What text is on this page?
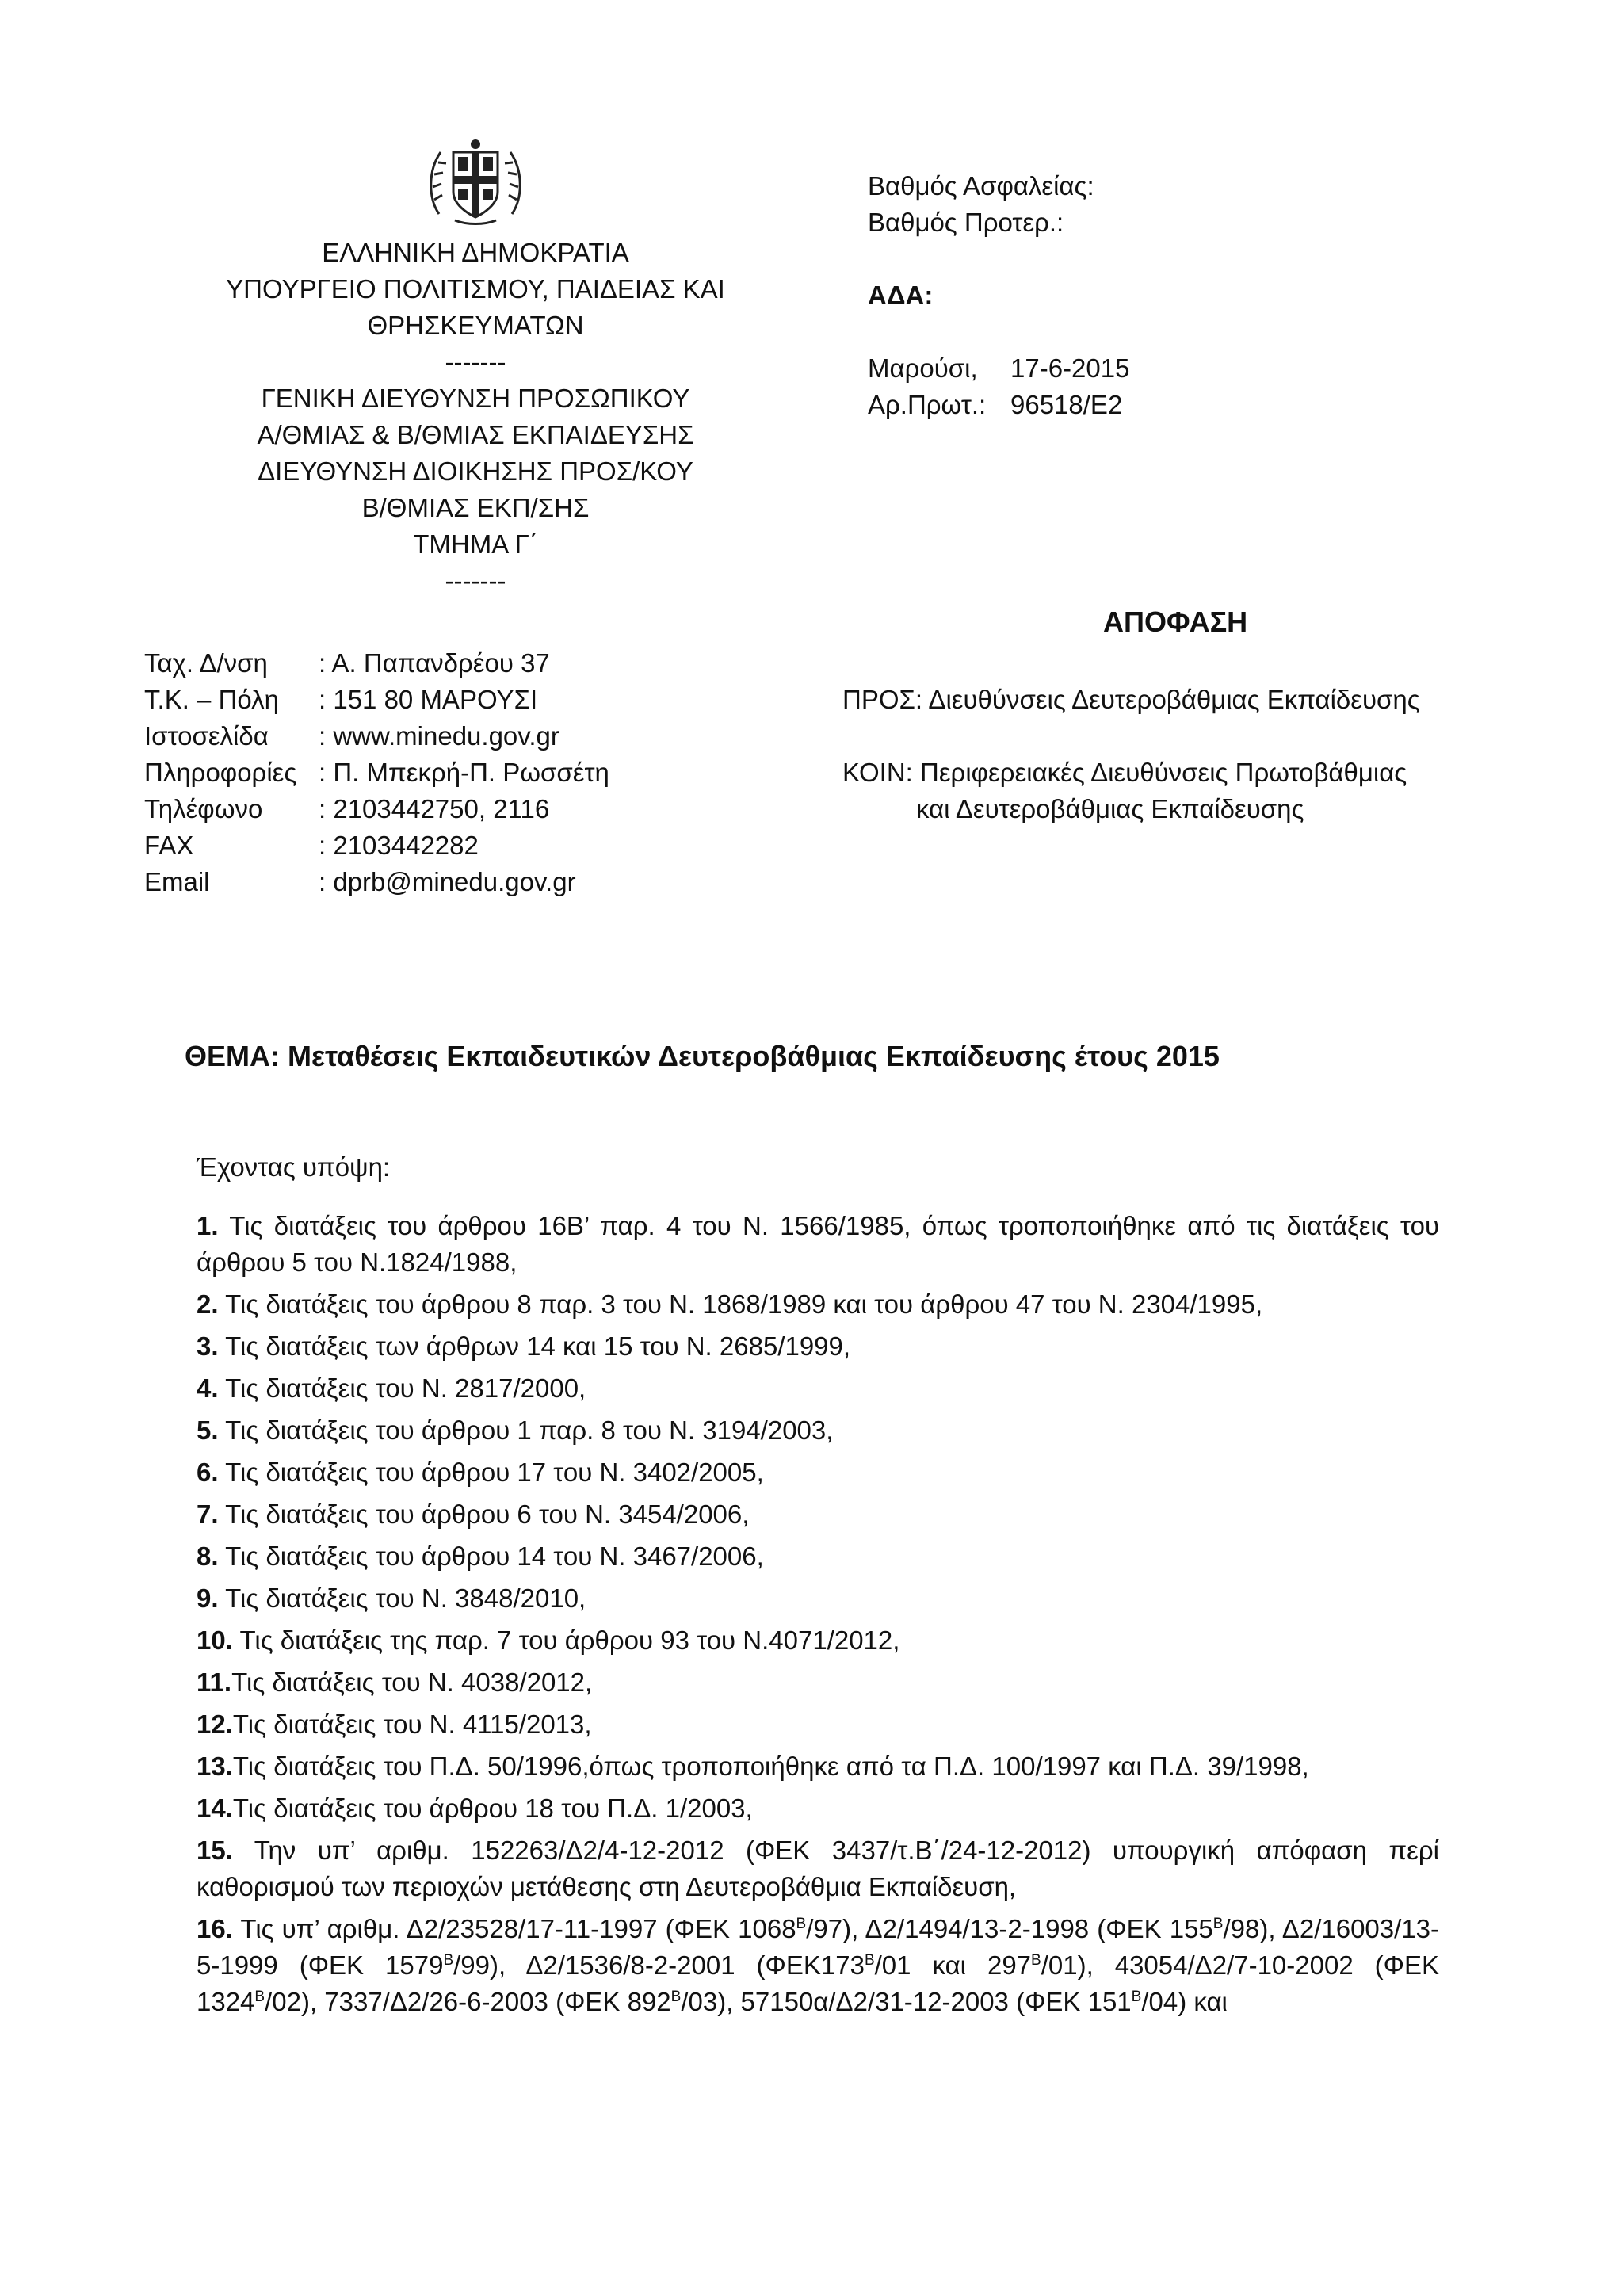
ΕΛΛΗΝΙΚΗ ΔΗΜΟΚΡΑΤΙΑ
ΥΠΟΥΡΓΕΙΟ ΠΟΛΙΤΙΣΜΟΥ, ΠΑΙΔΕΙΑΣ ΚΑΙ
ΘΡΗΣΚΕΥΜΑΤΩΝ
-------
ΓΕΝΙΚΗ ΔΙΕΥΘΥΝΣΗ ΠΡΟΣΩΠΙΚΟΥ
Α/ΘΜΙΑΣ & Β/ΘΜΙΑΣ ΕΚΠΑΙΔΕΥΣΗΣ
ΔΙΕΥΘΥΝΣΗ ΔΙΟΙΚΗΣΗΣ ΠΡΟΣ/ΚΟΥ
Β/ΘΜΙΑΣ ΕΚΠ/ΣΗΣ
ΤΜΗΜΑ Γ΄
-------
Βαθμός Ασφαλείας:
Βαθμός Προτερ.:
ΑΔΑ:
Μαρούσι, 17-6-2015
Αρ.Πρωτ.: 96518/Ε2
ΑΠΟΦΑΣΗ
Ταχ. Δ/νση	: Α. Παπανδρέου 37
Τ.Κ. – Πόλη	: 151 80 ΜΑΡΟΥΣΙ
Ιστοσελίδα	: www.minedu.gov.gr
Πληροφορίες : Π. Μπεκρή-Π. Ρωσσέτη
Τηλέφωνο	: 2103442750, 2116
FAX	: 2103442282
Email	: dprb@minedu.gov.gr
ΠΡΟΣ: Διευθύνσεις Δευτεροβάθμιας Εκπαίδευσης
ΚΟΙΝ: Περιφερειακές Διευθύνσεις Πρωτοβάθμιας
και Δευτεροβάθμιας Εκπαίδευσης
ΘΕΜΑ: Μεταθέσεις Εκπαιδευτικών Δευτεροβάθμιας Εκπαίδευσης έτους 2015
Έχοντας υπόψη:
1. Τις διατάξεις του άρθρου 16Β’ παρ. 4 του Ν. 1566/1985, όπως τροποποιήθηκε από τις διατάξεις του άρθρου 5 του Ν.1824/1988,
2. Τις διατάξεις του άρθρου 8 παρ. 3 του Ν. 1868/1989 και του άρθρου 47 του Ν. 2304/1995,
3. Τις διατάξεις των άρθρων 14 και 15 του Ν. 2685/1999,
4. Τις διατάξεις του Ν. 2817/2000,
5. Τις διατάξεις του άρθρου 1 παρ. 8 του Ν. 3194/2003,
6. Τις διατάξεις του άρθρου 17 του Ν. 3402/2005,
7. Τις διατάξεις του άρθρου 6 του Ν. 3454/2006,
8. Τις διατάξεις του άρθρου 14 του Ν. 3467/2006,
9. Τις διατάξεις του Ν. 3848/2010,
10. Τις διατάξεις της παρ. 7 του άρθρου 93 του Ν.4071/2012,
11.Τις διατάξεις του Ν. 4038/2012,
12.Τις διατάξεις του Ν. 4115/2013,
13.Τις διατάξεις του Π.Δ. 50/1996,όπως τροποποιήθηκε από τα Π.Δ. 100/1997 και Π.Δ. 39/1998,
14.Τις διατάξεις του άρθρου 18 του Π.Δ. 1/2003,
15. Την υπ’ αριθμ. 152263/Δ2/4-12-2012 (ΦΕΚ 3437/τ.Β΄/24-12-2012) υπουργική απόφαση περί καθορισμού των περιοχών μετάθεσης στη Δευτεροβάθμια Εκπαίδευση,
16. Τις υπ’ αριθμ. Δ2/23528/17-11-1997 (ΦΕΚ $1068^B/97$), Δ2/1494/13-2-1998 (ΦΕΚ $155^B/98$), Δ2/16003/13-5-1999 (ΦΕΚ $1579^B/99$), Δ2/1536/8-2-2001 ($\Phi EK173^B/01$ και $297^B/01$), 43054/Δ2/7-10-2002 (ΦΕΚ $1324^B/02$), 7337/Δ2/26-6-2003 (ΦΕΚ $892^B/03$), 57150α/Δ2/31-12-2003 (ΦΕΚ $151^B/04$) και
